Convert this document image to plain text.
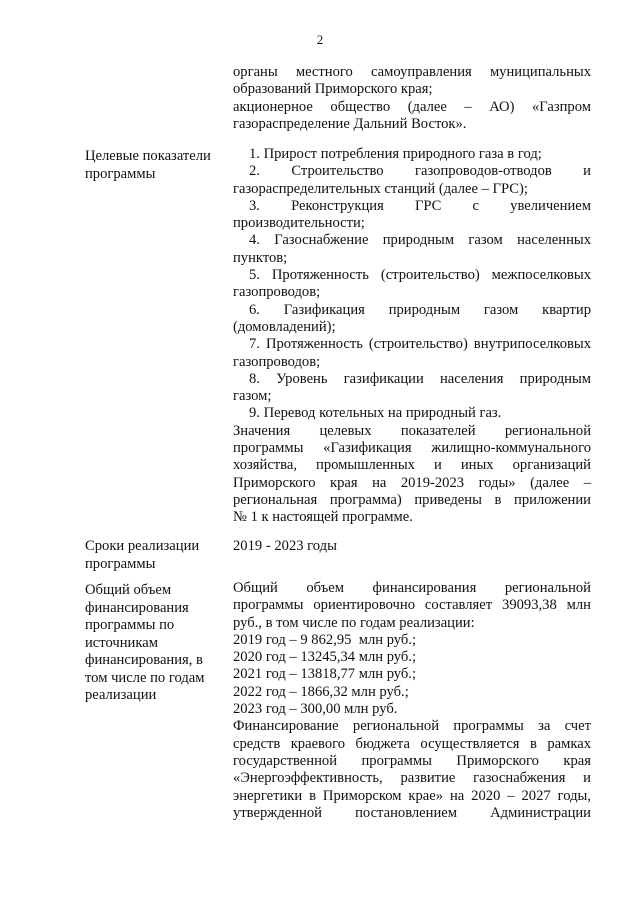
2
органы местного самоуправления муниципальных
образований Приморского края;
акционерное общество (далее – АО) «Газпром
газораспределение Дальний Восток».
Целевые показатели
программы
1. Прирост потребления природного газа в год;
2. Строительство газопроводов-отводов и
газораспределительных станций (далее – ГРС);
3. Реконструкция ГРС с увеличением
производительности;
4. Газоснабжение природным газом населенных
пунктов;
5. Протяженность (строительство) межпоселковых
газопроводов;
6. Газификация природным газом квартир
(домовладений);
7. Протяженность (строительство) внутрипоселковых
газопроводов;
8. Уровень газификации населения природным
газом;
9. Перевод котельных на природный газ.
Значения целевых показателей региональной
программы «Газификация жилищно-коммунального
хозяйства, промышленных и иных организаций
Приморского края на 2019-2023 годы» (далее –
региональная программа) приведены в приложении
№ 1 к настоящей программе.
Сроки реализации
программы
2019 - 2023 годы
Общий объем
финансирования
программы по
источникам
финансирования, в
том числе по годам
реализации
Общий объем финансирования региональной
программы ориентировочно составляет 39093,38 млн
руб., в том числе по годам реализации:
2019 год – 9 862,95  млн руб.;
2020 год – 13245,34 млн руб.;
2021 год – 13818,77 млн руб.;
2022 год – 1866,32 млн руб.;
2023 год – 300,00 млн руб.
Финансирование региональной программы за счет
средств краевого бюджета осуществляется в рамках
государственной программы Приморского края
«Энергоэффективность, развитие газоснабжения и
энергетики в Приморском крае» на 2020 – 2027 годы,
утвержденной постановлением Администрации
